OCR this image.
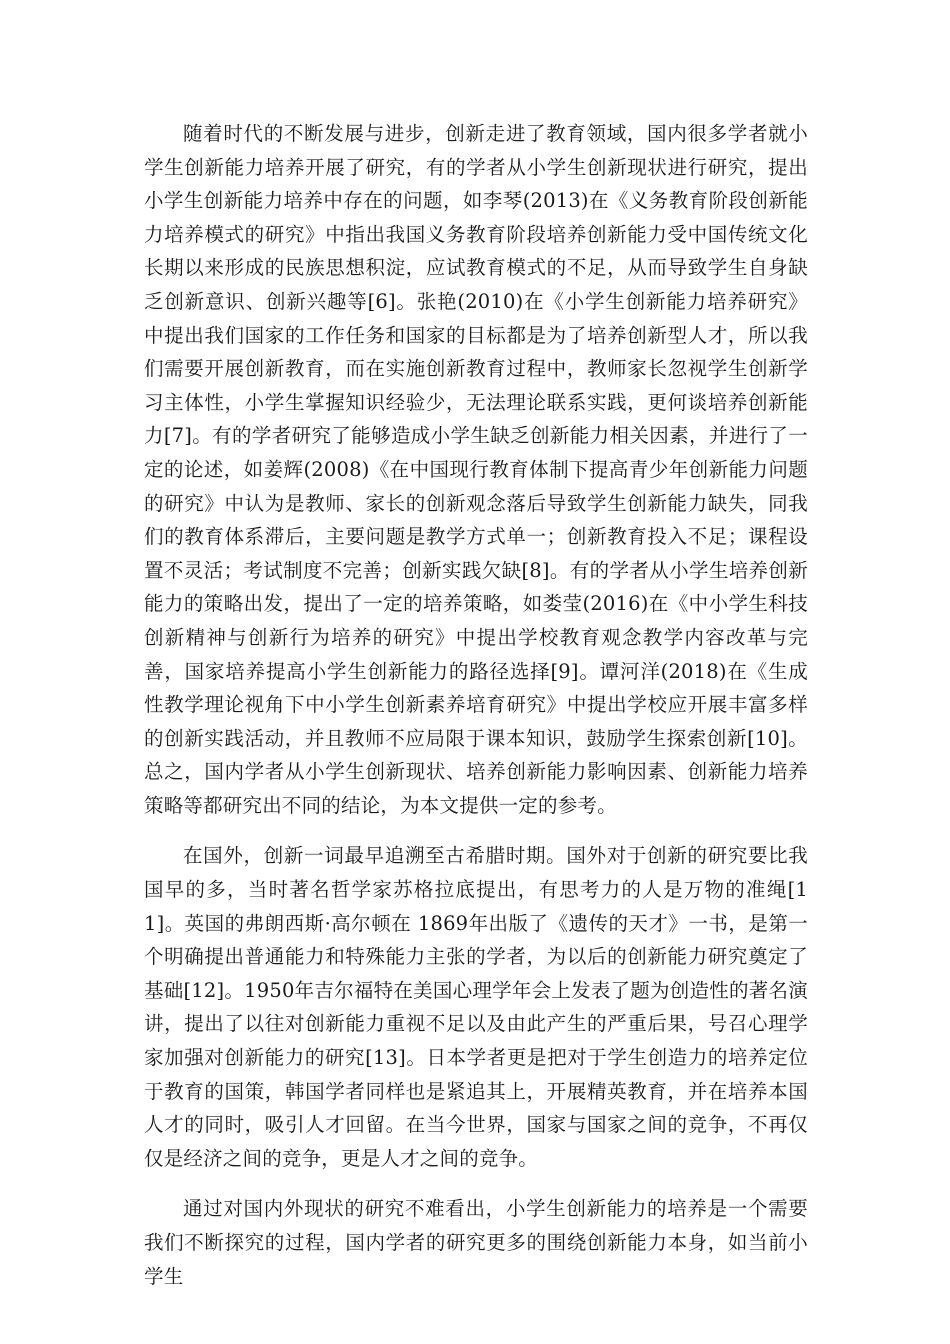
随着时代的不断发展与进步，创新走进了教育领域，国内很多学者就小学生创新能力培养开展了研究，有的学者从小学生创新现状进行研究，提出小学生创新能力培养中存在的问题，如李琴(2013)在《义务教育阶段创新能力培养模式的研究》中指出我国义务教育阶段培养创新能力受中国传统文化长期以来形成的民族思想积淀，应试教育模式的不足，从而导致学生自身缺乏创新意识、创新兴趣等[6]。张艳(2010)在《小学生创新能力培养研究》中提出我们国家的工作任务和国家的目标都是为了培养创新型人才，所以我们需要开展创新教育，而在实施创新教育过程中，教师家长忽视学生创新学习主体性，小学生掌握知识经验少，无法理论联系实践，更何谈培养创新能力[7]。有的学者研究了能够造成小学生缺乏创新能力相关因素，并进行了一定的论述，如姜辉(2008)《在中国现行教育体制下提高青少年创新能力问题的研究》中认为是教师、家长的创新观念落后导致学生创新能力缺失，同我们的教育体系滞后，主要问题是教学方式单一；创新教育投入不足；课程设置不灵活；考试制度不完善；创新实践欠缺[8]。有的学者从小学生培养创新能力的策略出发，提出了一定的培养策略，如娄莹(2016)在《中小学生科技创新精神与创新行为培养的研究》中提出学校教育观念教学内容改革与完善，国家培养提高小学生创新能力的路径选择[9]。谭河洋(2018)在《生成性教学理论视角下中小学生创新素养培育研究》中提出学校应开展丰富多样的创新实践活动，并且教师不应局限于课本知识，鼓励学生探索创新[10]。总之，国内学者从小学生创新现状、培养创新能力影响因素、创新能力培养策略等都研究出不同的结论，为本文提供一定的参考。

在国外，创新一词最早追溯至古希腊时期。国外对于创新的研究要比我国早的多，当时著名哲学家苏格拉底提出，有思考力的人是万物的准绳[11]。英国的弗朗西斯·高尔顿在 1869年出版了《遗传的天才》一书，是第一个明确提出普通能力和特殊能力主张的学者，为以后的创新能力研究奠定了基础[12]。1950年吉尔福特在美国心理学年会上发表了题为创造性的著名演讲，提出了以往对创新能力重视不足以及由此产生的严重后果，号召心理学家加强对创新能力的研究[13]。日本学者更是把对于学生创造力的培养定位于教育的国策，韩国学者同样也是紧追其上，开展精英教育，并在培养本国人才的同时，吸引人才回留。在当今世界，国家与国家之间的竞争，不再仅仅是经济之间的竞争，更是人才之间的竞争。

通过对国内外现状的研究不难看出，小学生创新能力的培养是一个需要我们不断探究的过程，国内学者的研究更多的围绕创新能力本身，如当前小学生
